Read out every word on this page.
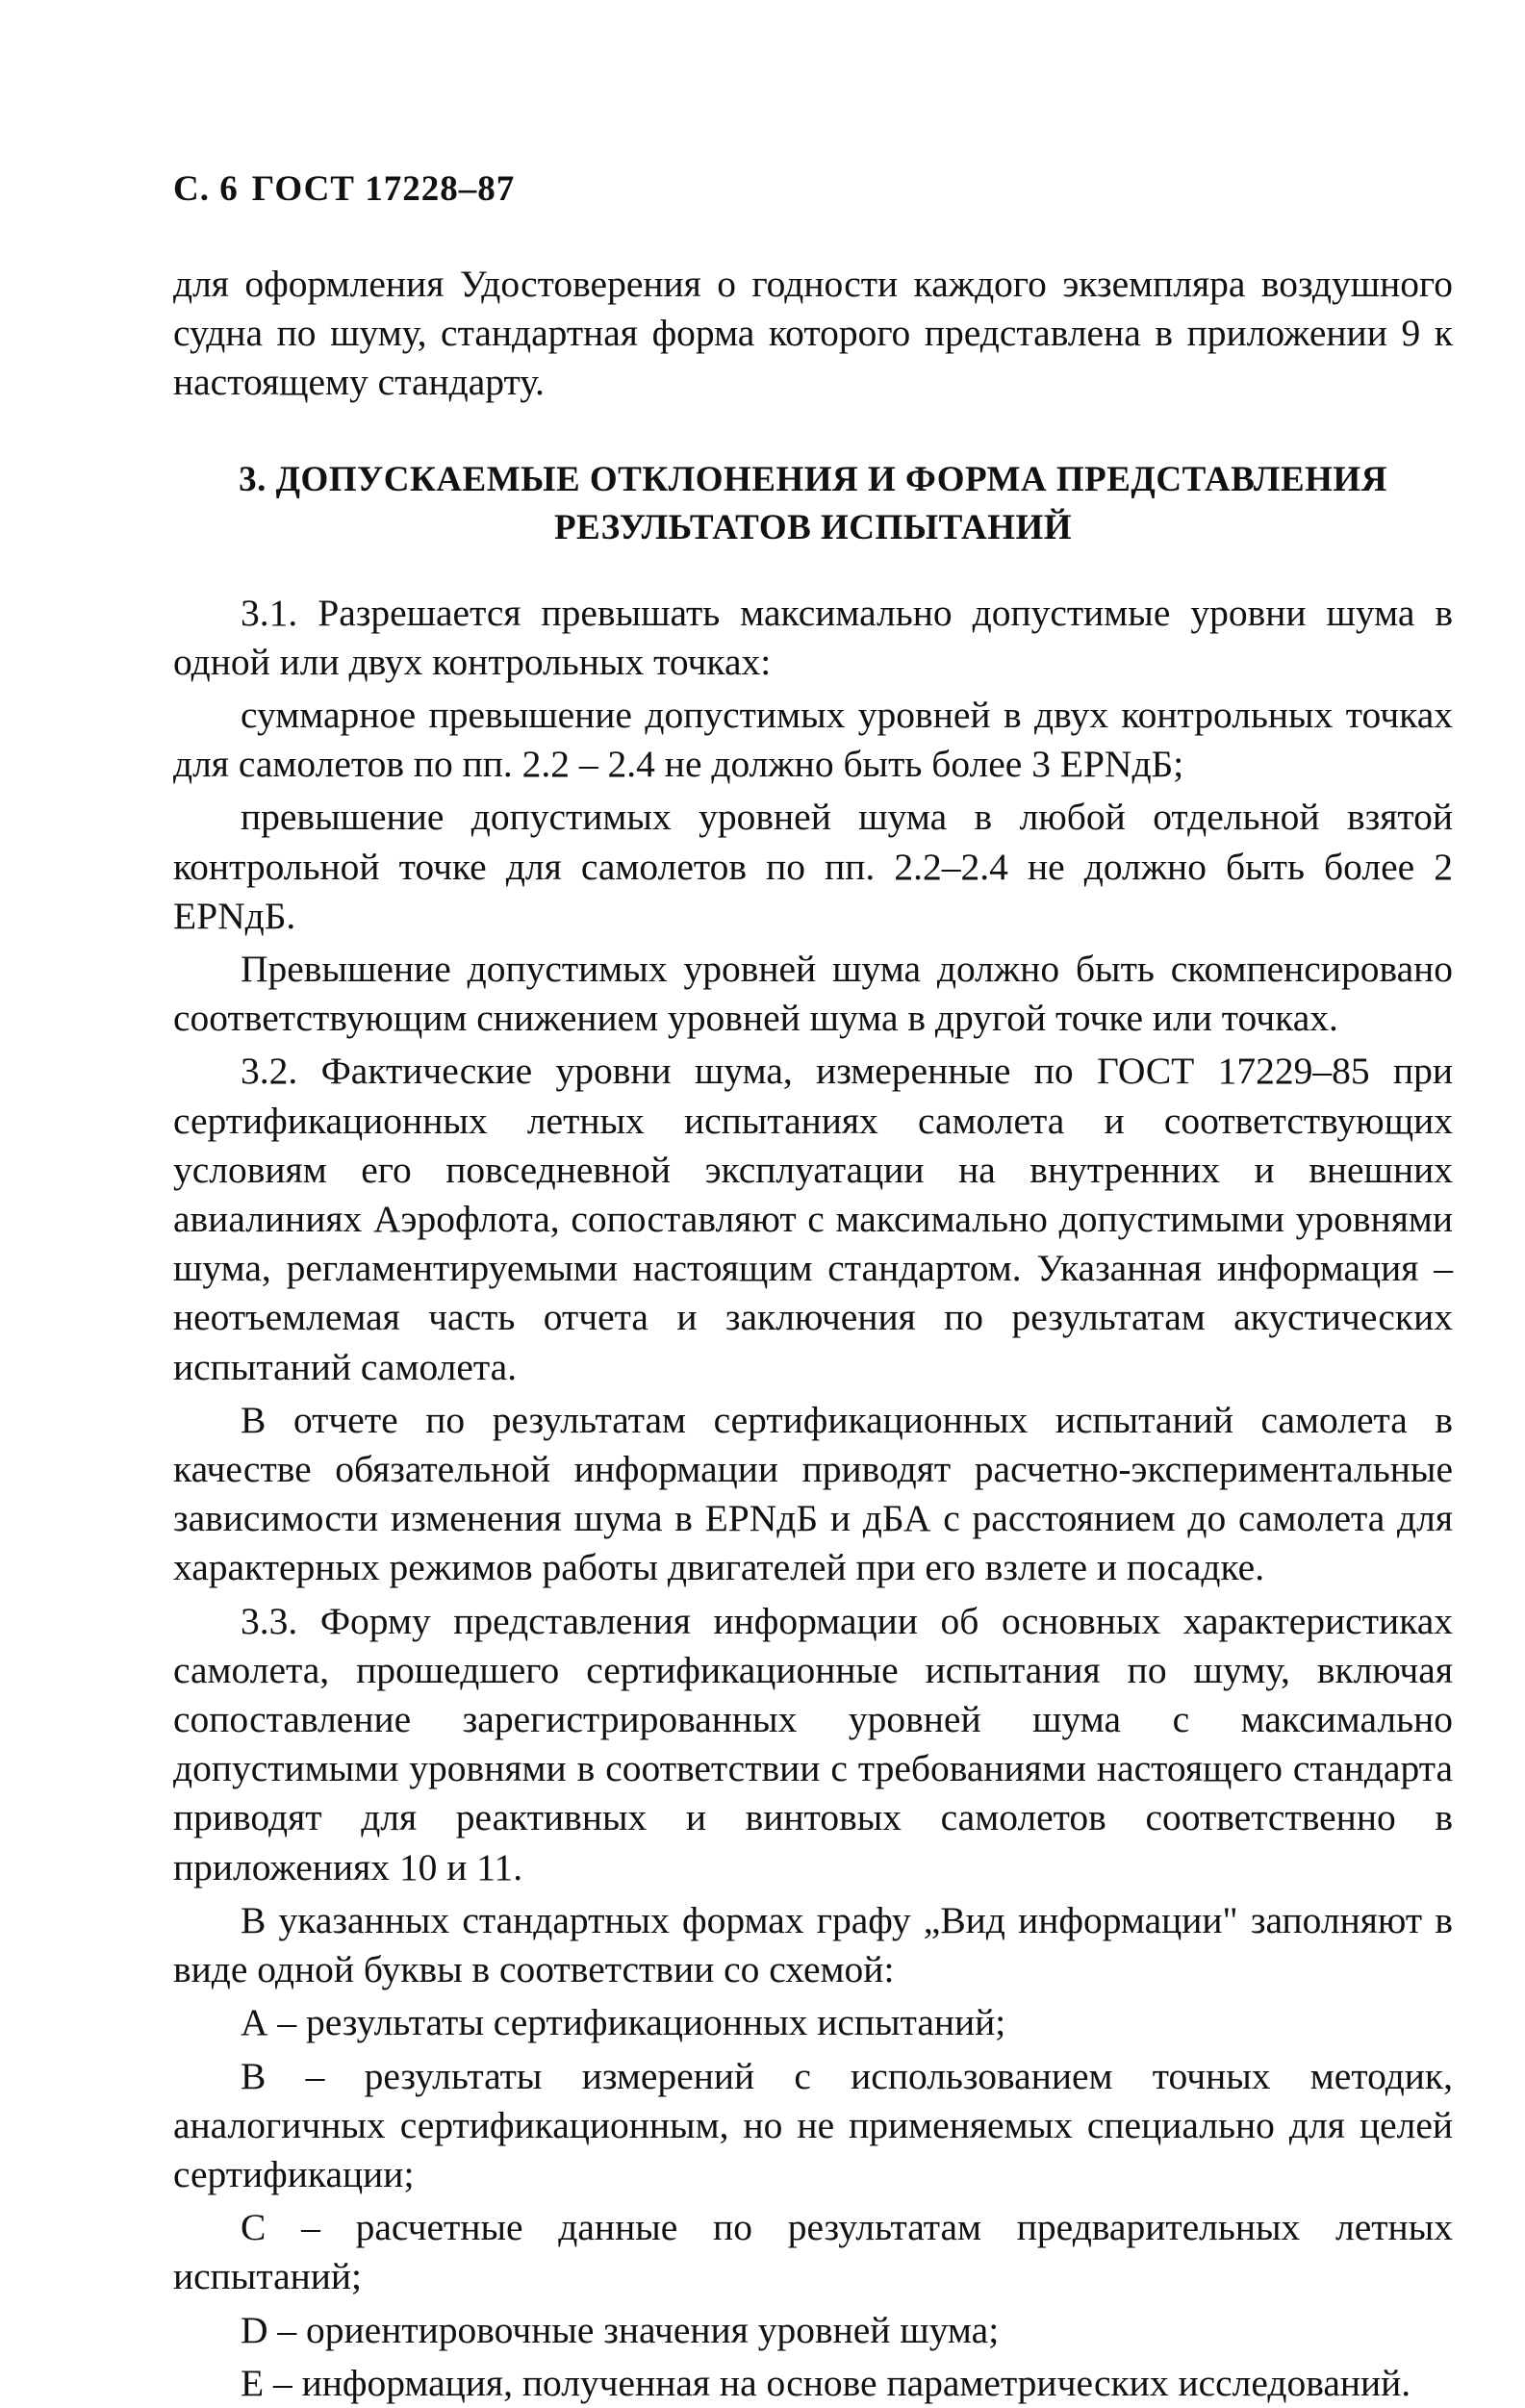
С. 6 ГОСТ 17228–87

для оформления Удостоверения о годности каждого экземпляра воздушного судна по шуму, стандартная форма которого представлена в приложении 9 к настоящему стандарту.

3. ДОПУСКАЕМЫЕ ОТКЛОНЕНИЯ И ФОРМА ПРЕДСТАВЛЕНИЯ
РЕЗУЛЬТАТОВ ИСПЫТАНИЙ

3.1. Разрешается превышать максимально допустимые уровни шума в одной или двух контрольных точках:

суммарное превышение допустимых уровней в двух контрольных точках для самолетов по пп. 2.2 – 2.4 не должно быть более 3 EPNдБ;

превышение допустимых уровней шума в любой отдельной взятой контрольной точке для самолетов по пп. 2.2–2.4 не должно быть более 2 EPNдБ.

Превышение допустимых уровней шума должно быть скомпенсировано соответствующим снижением уровней шума в другой точке или точках.

3.2. Фактические уровни шума, измеренные по ГОСТ 17229–85 при сертификационных летных испытаниях самолета и соответствующих условиям его повседневной эксплуатации на внутренних и внешних авиалиниях Аэрофлота, сопоставляют с максимально допустимыми уровнями шума, регламентируемыми настоящим стандартом. Указанная информация – неотъемлемая часть отчета и заключения по результатам акустических испытаний самолета.

В отчете по результатам сертификационных испытаний самолета в качестве обязательной информации приводят расчетно-экспериментальные зависимости изменения шума в EPNдБ и дБА с расстоянием до самолета для характерных режимов работы двигателей при его взлете и посадке.

3.3. Форму представления информации об основных характеристиках самолета, прошедшего сертификационные испытания по шуму, включая сопоставление зарегистрированных уровней шума с максимально допустимыми уровнями в соответствии с требованиями настоящего стандарта приводят для реактивных и винтовых самолетов соответственно в приложениях 10 и 11.

В указанных стандартных формах графу „Вид информации" заполняют в виде одной буквы в соответствии со схемой:

А – результаты сертификационных испытаний;

В – результаты измерений с использованием точных методик, аналогичных сертификационным, но не применяемых специально для целей сертификации;

С – расчетные данные по результатам предварительных летных испытаний;

D – ориентировочные значения уровней шума;

Е – информация, полученная на основе параметрических исследований.
